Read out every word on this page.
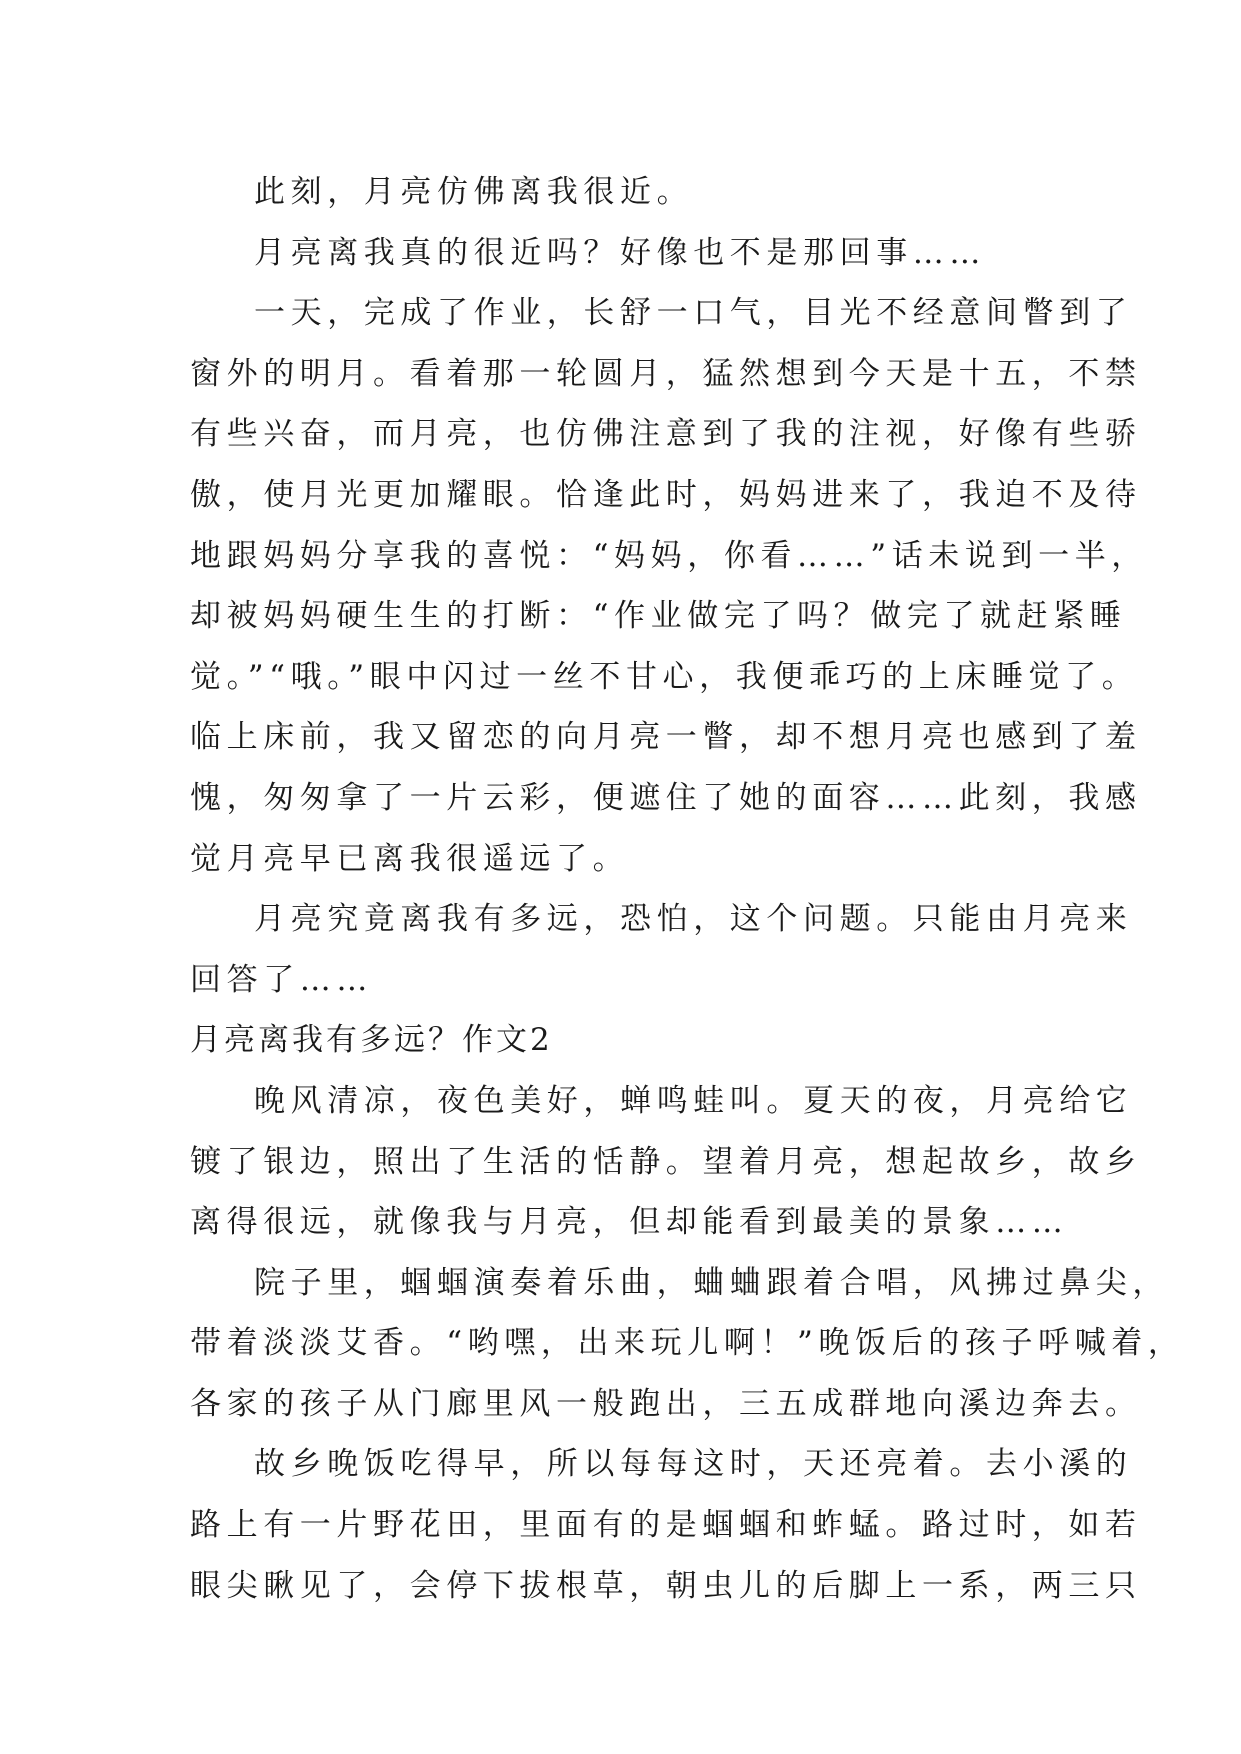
此刻，月亮仿佛离我很近。
月亮离我真的很近吗？好像也不是那回事……
一天，完成了作业，长舒一口气，目光不经意间瞥到了
窗外的明月。看着那一轮圆月，猛然想到今天是十五，不禁
有些兴奋，而月亮，也仿佛注意到了我的注视，好像有些骄
傲，使月光更加耀眼。恰逢此时，妈妈进来了，我迫不及待
地跟妈妈分享我的喜悦：“妈妈，你看……”话未说到一半，
却被妈妈硬生生的打断：“作业做完了吗？做完了就赶紧睡
觉。”“哦。”眼中闪过一丝不甘心，我便乖巧的上床睡觉了。
临上床前，我又留恋的向月亮一瞥，却不想月亮也感到了羞
愧，匆匆拿了一片云彩，便遮住了她的面容……此刻，我感
觉月亮早已离我很遥远了。
月亮究竟离我有多远，恐怕，这个问题。只能由月亮来
回答了……
月亮离我有多远？作文2
晚风清凉，夜色美好，蝉鸣蛙叫。夏天的夜，月亮给它
镀了银边，照出了生活的恬静。望着月亮，想起故乡，故乡
离得很远，就像我与月亮，但却能看到最美的景象……
院子里，蝈蝈演奏着乐曲，蛐蛐跟着合唱，风拂过鼻尖，
带着淡淡艾香。“哟嘿，出来玩儿啊！”晚饭后的孩子呼喊着，
各家的孩子从门廊里风一般跑出，三五成群地向溪边奔去。
故乡晚饭吃得早，所以每每这时，天还亮着。去小溪的
路上有一片野花田，里面有的是蝈蝈和蚱蜢。路过时，如若
眼尖瞅见了，会停下拔根草，朝虫儿的后脚上一系，两三只
